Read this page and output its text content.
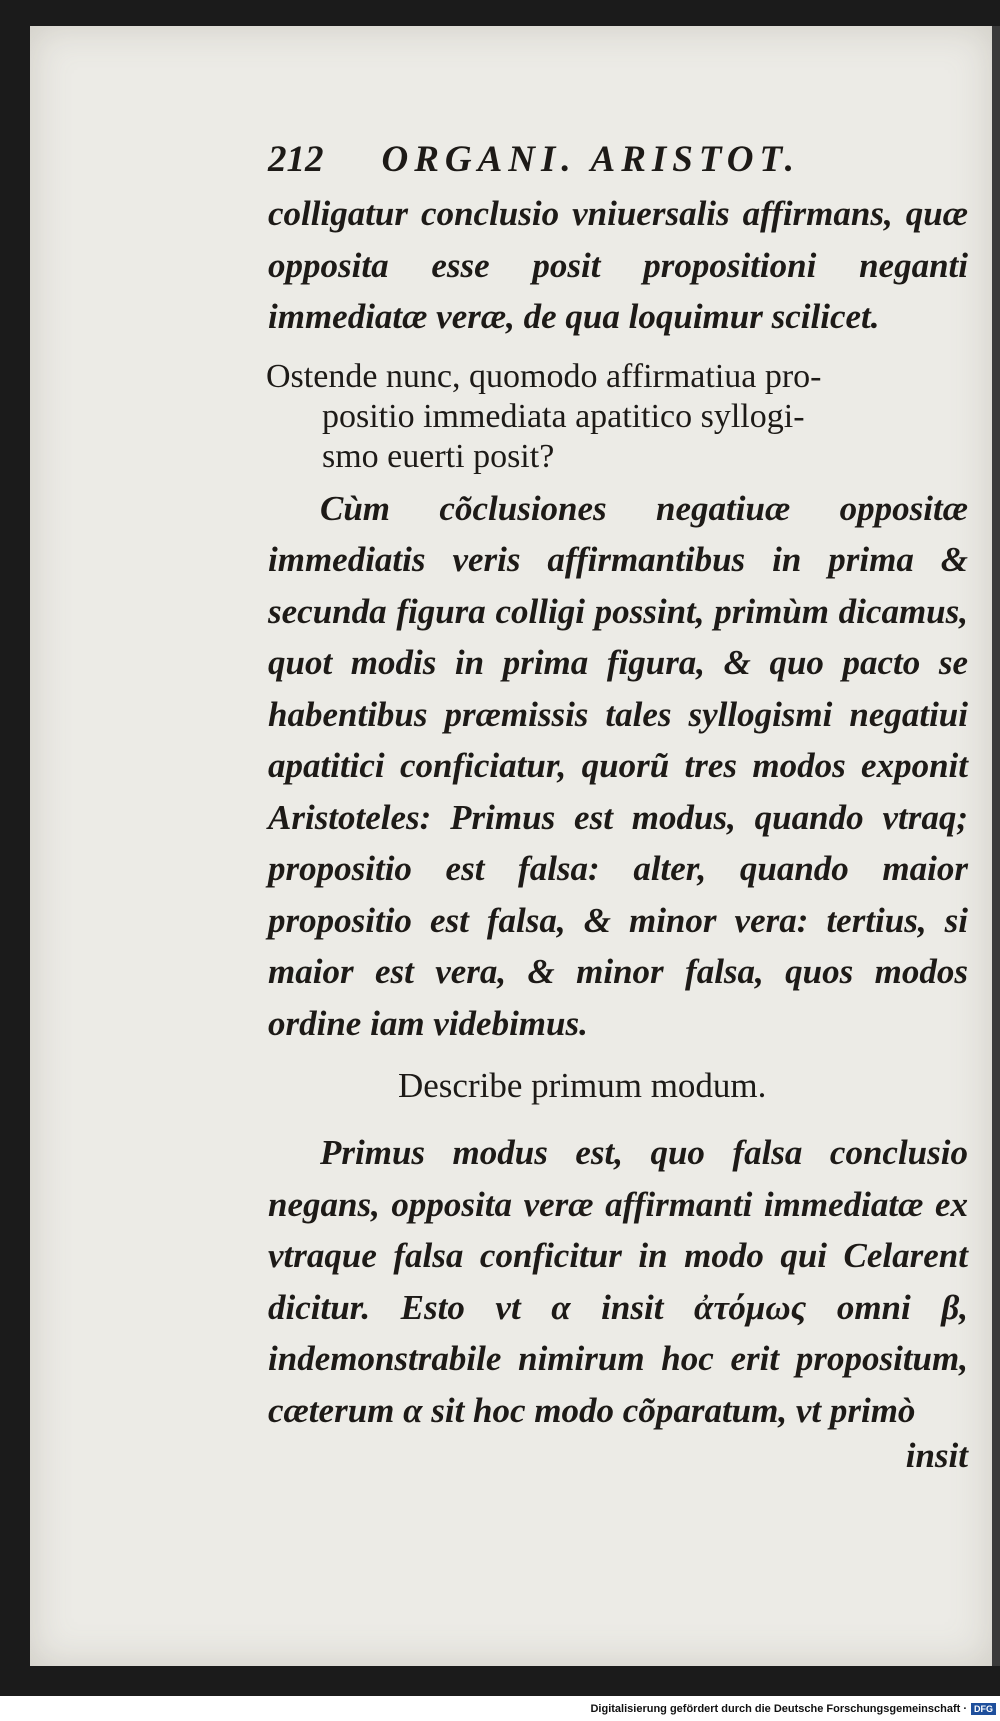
212 ORGANI. ARISTOT.
colligatur conclusio vniuersalis affirmans, quæ opposita esse posit propositioni neganti immediatæ veræ, de qua loquimur scilicet.
Ostende nunc, quomodo affirmatiua pro-
positio immediata apatitico syllogi-
smo euerti posit?
Cùm cõclusiones negatiuæ oppositæ immediatis veris affirmantibus in prima & secunda figura colligi possint, primùm dicamus, quot modis in prima figura, & quo pacto se habentibus præmissis tales syllogismi negatiui apatitici conficiatur, quorũ tres modos exponit Aristoteles: Primus est modus, quando vtraq; propositio est falsa: alter, quando maior propositio est falsa, & minor vera: tertius, si maior est vera, & minor falsa, quos modos ordine iam videbimus.
Describe primum modum.
Primus modus est, quo falsa conclusio negans, opposita veræ affirmanti immediatæ ex vtraque falsa conficitur in modo qui Celarent dicitur. Esto vt α insit ἀτόμως omni β, indemonstrabile nimirum hoc erit propositum, cæterum α sit hoc modo cõparatum, vt primò
insit
Digitalisierung gefördert durch die Deutsche Forschungsgemeinschaft · DFG
